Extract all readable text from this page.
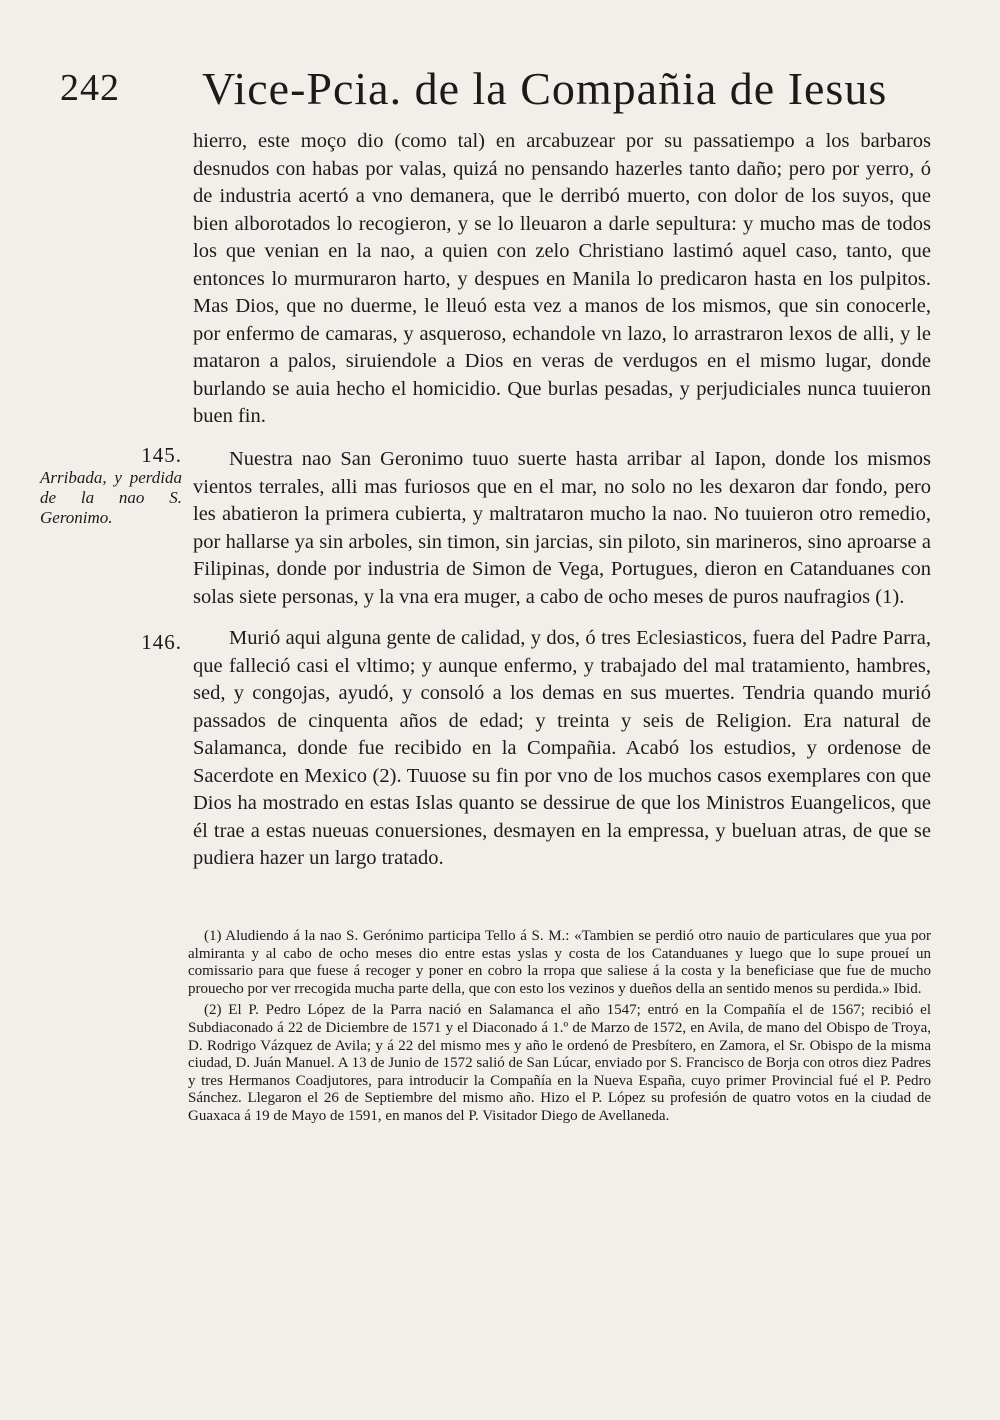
242 Vice-Pcia. de la Compañia de Iesus

hierro, este moço dio (como tal) en arcabuzear por su passatiempo a los barbaros desnudos con habas por valas, quizá no pensando hazerles tanto daño; pero por yerro, ó de industria acertó a vno demanera, que le derribó muerto, con dolor de los suyos, que bien alborotados lo recogieron, y se lo lleuaron a darle sepultura: y mucho mas de todos los que venian en la nao, a quien con zelo Christiano lastimó aquel caso, tanto, que entonces lo murmuraron harto, y despues en Manila lo predicaron hasta en los pulpitos. Mas Dios, que no duerme, le lleuó esta vez a manos de los mismos, que sin conocerle, por enfermo de camaras, y asqueroso, echandole vn lazo, lo arrastraron lexos de alli, y le mataron a palos, siruiendole a Dios en veras de verdugos en el mismo lugar, donde burlando se auia hecho el homicidio. Que burlas pesadas, y perjudiciales nunca tuuieron buen fin.

145.
Arribada, y perdida de la nao S. Geronimo.

Nuestra nao San Geronimo tuuo suerte hasta arribar al Iapon, donde los mismos vientos terrales, alli mas furiosos que en el mar, no solo no les dexaron dar fondo, pero les abatieron la primera cubierta, y maltrataron mucho la nao. No tuuieron otro remedio, por hallarse ya sin arboles, sin timon, sin jarcias, sin piloto, sin marineros, sino aproarse a Filipinas, donde por industria de Simon de Vega, Portugues, dieron en Catanduanes con solas siete personas, y la vna era muger, a cabo de ocho meses de puros naufragios (1).

146.	Murió aqui alguna gente de calidad, y dos, ó tres Eclesiasticos, fuera del Padre Parra, que falleció casi el vltimo; y aunque enfermo, y trabajado del mal tratamiento, hambres, sed, y congojas, ayudó, y consoló a los demas en sus muertes. Tendria quando murió passados de cinquenta años de edad; y treinta y seis de Religion. Era natural de Salamanca, donde fue recibido en la Compañia. Acabó los estudios, y ordenose de Sacerdote en Mexico (2). Tuuose su fin por vno de los muchos casos exemplares con que Dios ha mostrado en estas Islas quanto se dessirue de que los Ministros Euangelicos, que él trae a estas nueuas conuersiones, desmayen en la empressa, y bueluan atras, de que se pudiera hazer un largo tratado.

(1) Aludiendo á la nao S. Gerónimo participa Tello á S. M.: «Tambien se perdió otro nauio de particulares que yua por almiranta y al cabo de ocho meses dio entre estas yslas y costa de los Catanduanes y luego que lo supe proueí un comissario para que fuese á recoger y poner en cobro la rropa que saliese á la costa y la beneficiase que fue de mucho prouecho por ver rrecogida mucha parte della, que con esto los vezinos y dueños della an sentido menos su perdida.» Ibid.

(2) El P. Pedro López de la Parra nació en Salamanca el año 1547; entró en la Compañía el de 1567; recibió el Subdiaconado á 22 de Diciembre de 1571 y el Diaconado á 1.º de Marzo de 1572, en Avila, de mano del Obispo de Troya, D. Rodrigo Vázquez de Avila; y á 22 del mismo mes y año le ordenó de Presbítero, en Zamora, el Sr. Obispo de la misma ciudad, D. Juán Manuel. A 13 de Junio de 1572 salió de San Lúcar, enviado por S. Francisco de Borja con otros diez Padres y tres Hermanos Coadjutores, para introducir la Compañía en la Nueva España, cuyo primer Provincial fué el P. Pedro Sánchez. Llegaron el 26 de Septiembre del mismo año. Hizo el P. López su profesión de quatro votos en la ciudad de Guaxaca á 19 de Mayo de 1591, en manos del P. Visitador Diego de Avellaneda.
